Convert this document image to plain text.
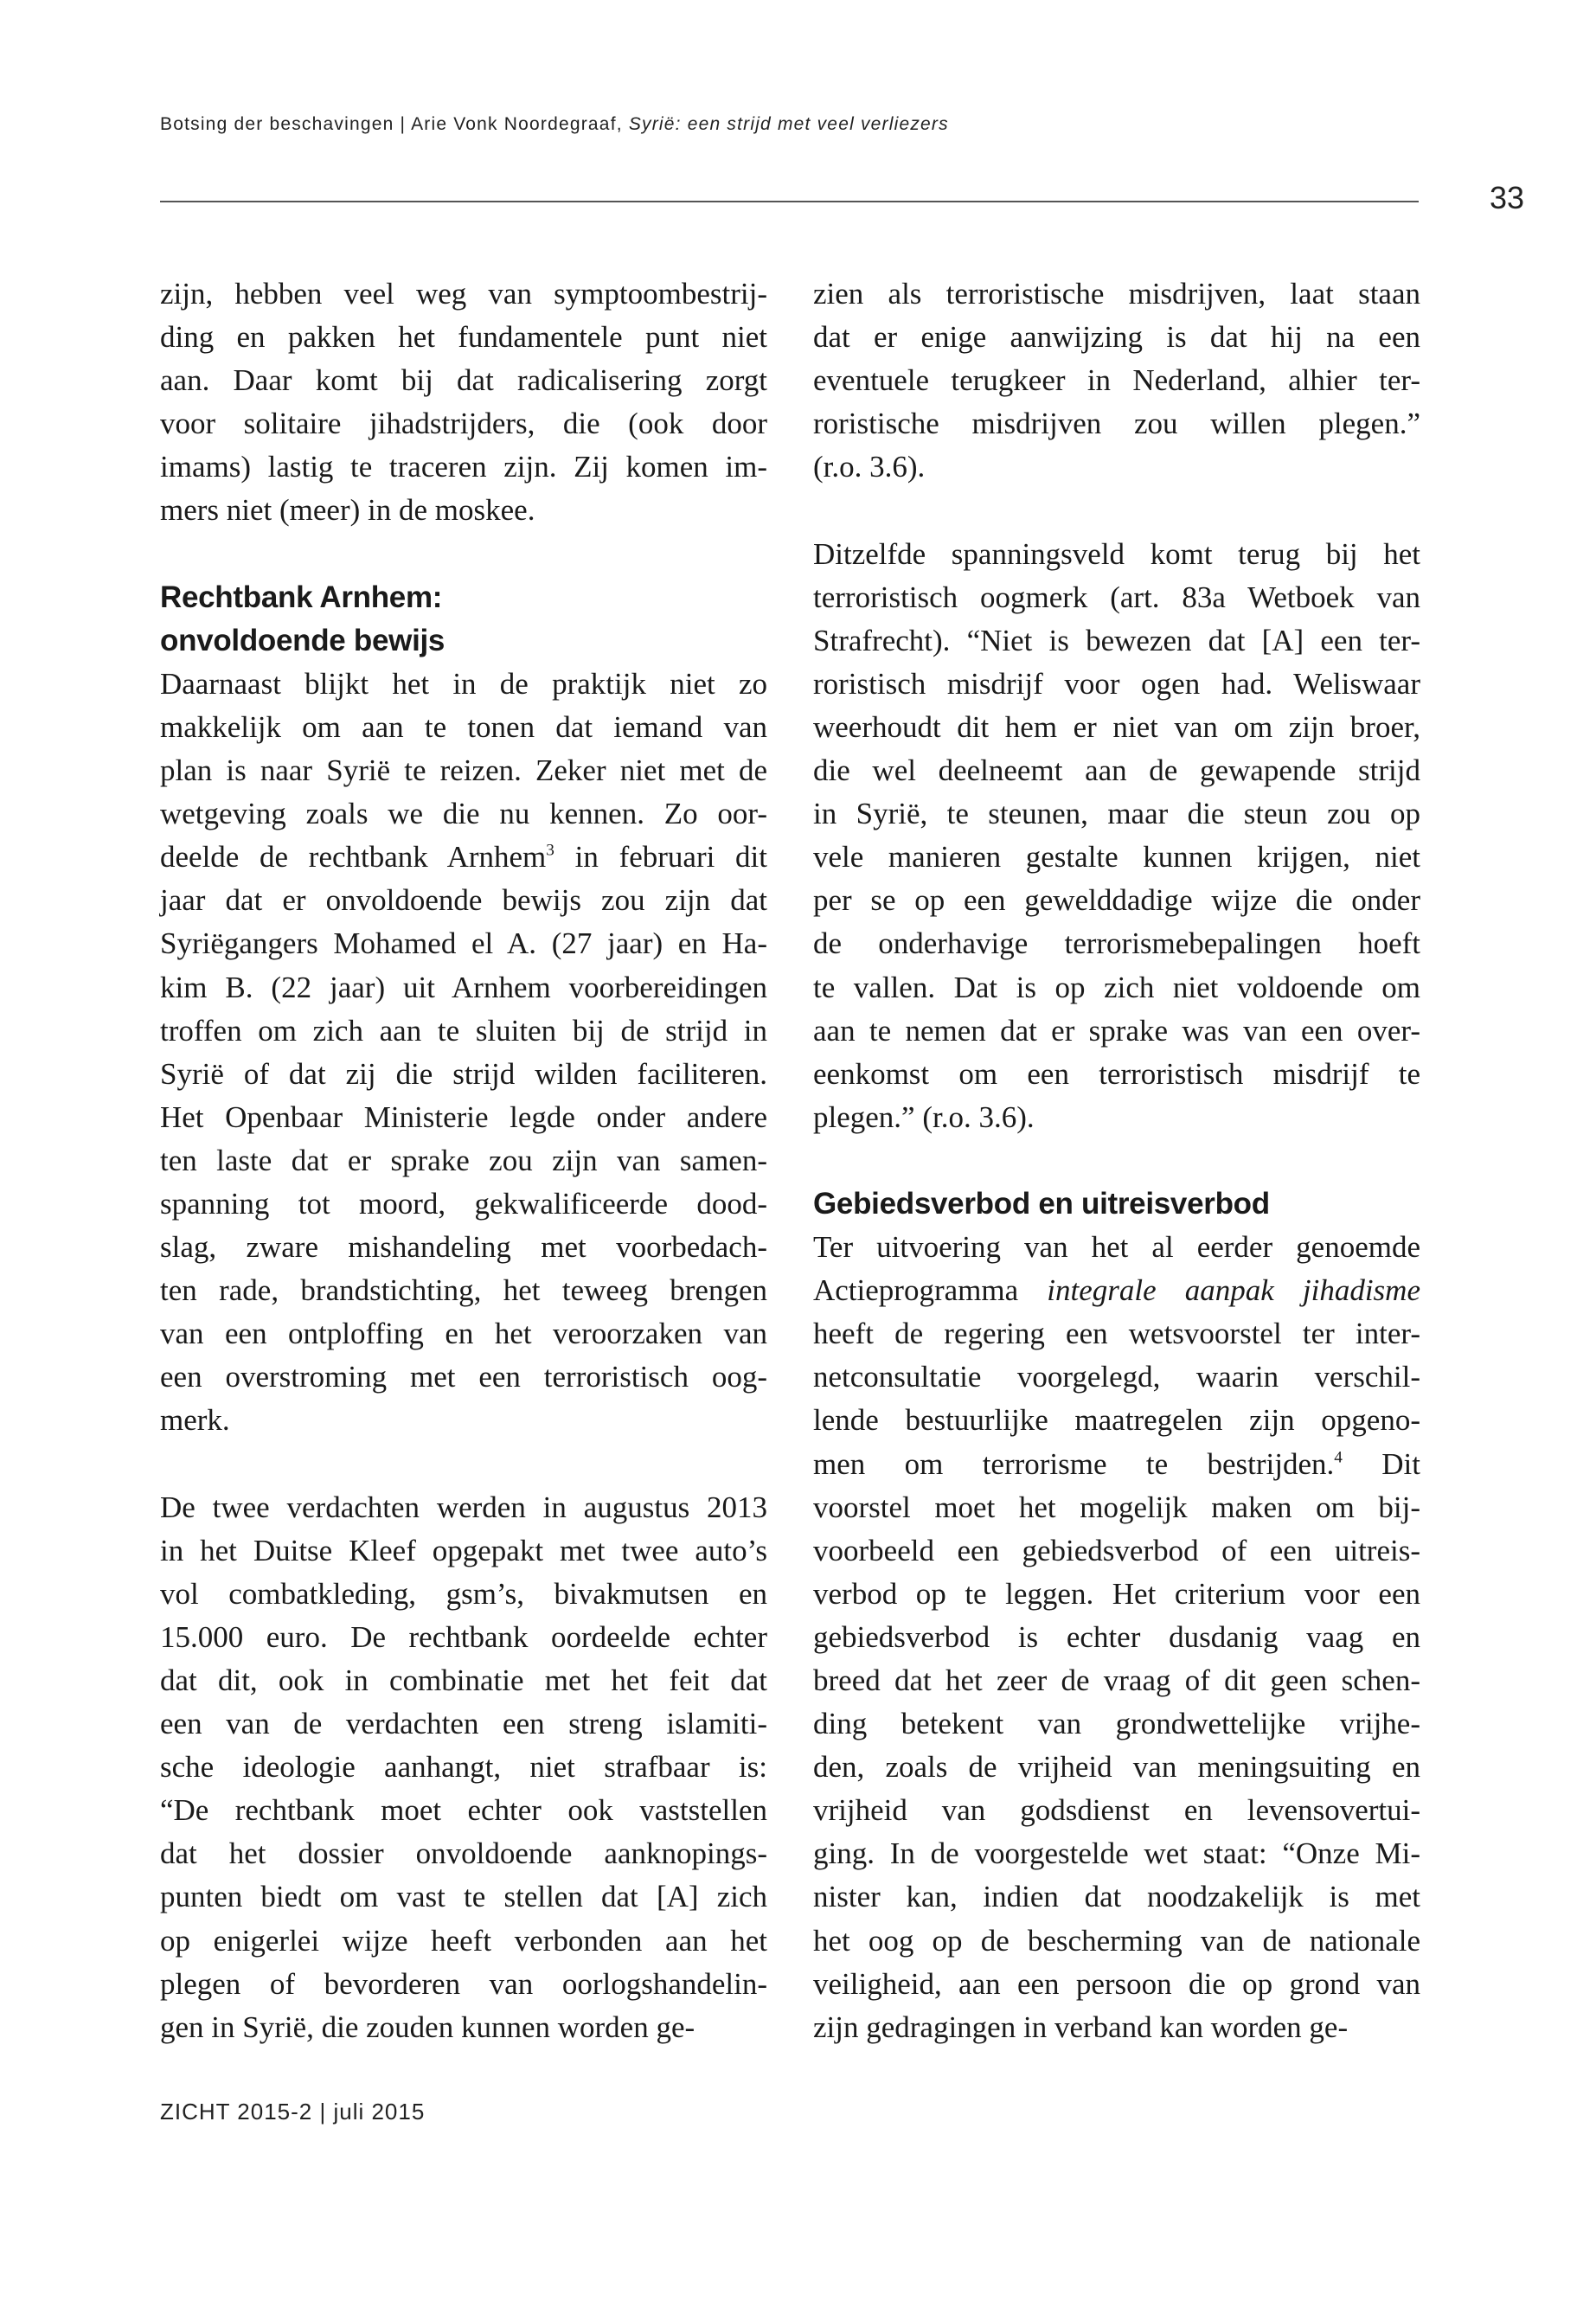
Botsing der beschavingen | Arie Vonk Noordegraaf, Syrië: een strijd met veel verliezers
33
zijn, hebben veel weg van symptoombestrij-
ding en pakken het fundamentele punt niet
aan. Daar komt bij dat radicalisering zorgt
voor solitaire jihadstrijders, die (ook door
imams) lastig te traceren zijn. Zij komen im-
mers niet (meer) in de moskee.
Rechtbank Arnhem:
onvoldoende bewijs
Daarnaast blijkt het in de praktijk niet zo
makkelijk om aan te tonen dat iemand van
plan is naar Syrië te reizen. Zeker niet met de
wetgeving zoals we die nu kennen. Zo oor-
deelde de rechtbank Arnhem$^3$ in februari dit
jaar dat er onvoldoende bewijs zou zijn dat
Syriëgangers Mohamed el A. (27 jaar) en Ha-
kim B. (22 jaar) uit Arnhem voorbereidingen
troffen om zich aan te sluiten bij de strijd in
Syrië of dat zij die strijd wilden faciliteren.
Het Openbaar Ministerie legde onder andere
ten laste dat er sprake zou zijn van samen-
spanning tot moord, gekwalificeerde dood-
slag, zware mishandeling met voorbedach-
ten rade, brandstichting, het teweeg brengen
van een ontploffing en het veroorzaken van
een overstroming met een terroristisch oog-
merk.
De twee verdachten werden in augustus 2013
in het Duitse Kleef opgepakt met twee auto’s
vol combatkleding, gsm’s, bivakmutsen en
15.000 euro. De rechtbank oordeelde echter
dat dit, ook in combinatie met het feit dat
een van de verdachten een streng islamiti-
sche ideologie aanhangt, niet strafbaar is:
“De rechtbank moet echter ook vaststellen
dat het dossier onvoldoende aanknopings-
punten biedt om vast te stellen dat [A] zich
op enigerlei wijze heeft verbonden aan het
plegen of bevorderen van oorlogshandelin-
gen in Syrië, die zouden kunnen worden ge-
zien als terroristische misdrijven, laat staan
dat er enige aanwijzing is dat hij na een
eventuele terugkeer in Nederland, alhier ter-
roristische misdrijven zou willen plegen.”
(r.o. 3.6).
Ditzelfde spanningsveld komt terug bij het
terroristisch oogmerk (art. 83a Wetboek van
Strafrecht). “Niet is bewezen dat [A] een ter-
roristisch misdrijf voor ogen had. Weliswaar
weerhoudt dit hem er niet van om zijn broer,
die wel deelneemt aan de gewapende strijd
in Syrië, te steunen, maar die steun zou op
vele manieren gestalte kunnen krijgen, niet
per se op een gewelddadige wijze die onder
de onderhavige terrorismebepalingen hoeft
te vallen. Dat is op zich niet voldoende om
aan te nemen dat er sprake was van een over-
eenkomst om een terroristisch misdrijf te
plegen.” (r.o. 3.6).
Gebiedsverbod en uitreisverbod
Ter uitvoering van het al eerder genoemde
Actieprogramma integrale aanpak jihadisme
heeft de regering een wetsvoorstel ter inter-
netconsultatie voorgelegd, waarin verschil-
lende bestuurlijke maatregelen zijn opgeno-
men om terrorisme te bestrijden.$^4$ Dit
voorstel moet het mogelijk maken om bij-
voorbeeld een gebiedsverbod of een uitreis-
verbod op te leggen. Het criterium voor een
gebiedsverbod is echter dusdanig vaag en
breed dat het zeer de vraag of dit geen schen-
ding betekent van grondwettelijke vrijhe-
den, zoals de vrijheid van meningsuiting en
vrijheid van godsdienst en levensovertui-
ging. In de voorgestelde wet staat: “Onze Mi-
nister kan, indien dat noodzakelijk is met
het oog op de bescherming van de nationale
veiligheid, aan een persoon die op grond van
zijn gedragingen in verband kan worden ge-
ZICHT 2015-2 | juli 2015
